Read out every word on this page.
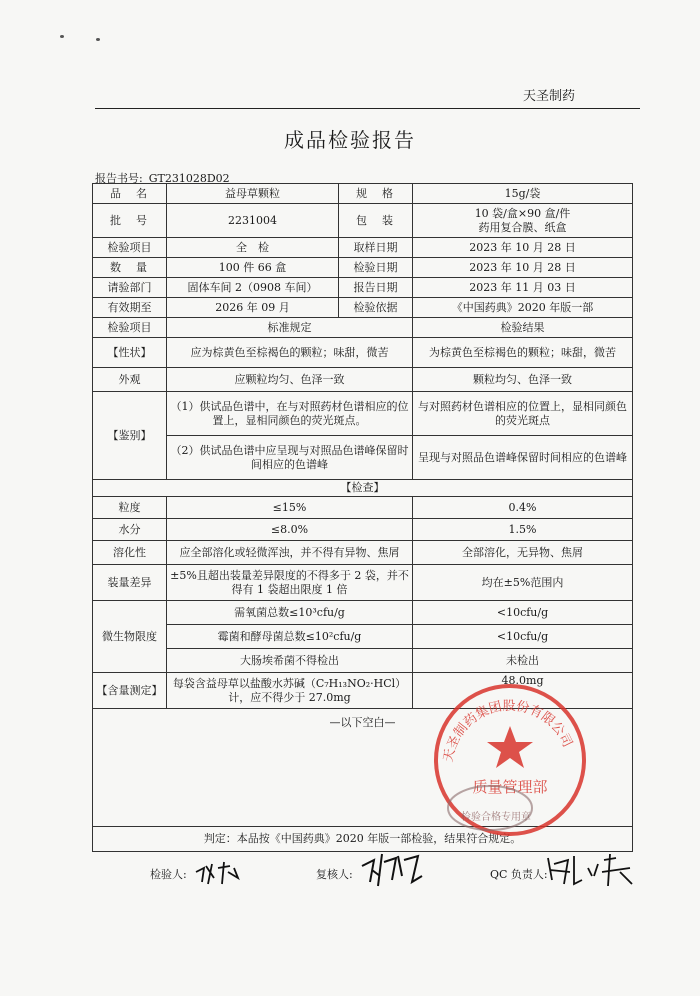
天圣制药
成品检验报告
报告书号: GT231028D02
品　名	益母草颗粒	规　格	15g/袋
批　号	2231004	包　装	10 袋/盒×90 盒/件
药用复合膜、纸盒

检验项目	全　检	取样日期	2023 年 10 月 28 日
数　量	100 件 66 盒	检验日期	2023 年 10 月 28 日
请验部门	固体车间 2（0908 车间）	报告日期	2023 年 11 月 03 日
有效期至	2026 年 09 月	检验依据	《中国药典》2020 年版一部
检验项目	标准规定		检验结果
【性状】	应为棕黄色至棕褐色的颗粒；味甜，微苦		为棕黄色至棕褐色的颗粒；味甜，微苦
外观	应颗粒均匀、色泽一致		颗粒均匀、色泽一致
【鉴别】	（1）供试品色谱中，在与对照药材色谱相应的位置上，显相同颜色的荧光斑点。		与对照药材色谱相应的位置上，显相同颜色的荧光斑点
	（2）供试品色谱中应呈现与对照品色谱峰保留时间相应的色谱峰		呈现与对照品色谱峰保留时间相应的色谱峰
【检查】			
粒度	≤15%		0.4%
水分	≤8.0%		1.5%
溶化性	应全部溶化或轻微浑浊，并不得有异物、焦屑		全部溶化，无异物、焦屑
装量差异	±5%且超出装量差异限度的不得多于 2 袋，并不得有 1 袋超出限度 1 倍		均在±5%范围内
微生物限度	需氧菌总数≤10³cfu/g		<10cfu/g
	霉菌和酵母菌总数≤10²cfu/g		<10cfu/g
	大肠埃希菌不得检出		未检出
【含量测定】	每袋含益母草以盐酸水苏碱（C₇H₁₃NO₂·HCl）
计，应不得少于 27.0mg		48.0mg

—以下空白—			

判定：本品按《中国药典》2020 年版一部检验，结果符合规定。			
检验人:	复核人:	QC 负责人:
天圣制药集团股份有限公司
质量管理部
检验合格专用章
